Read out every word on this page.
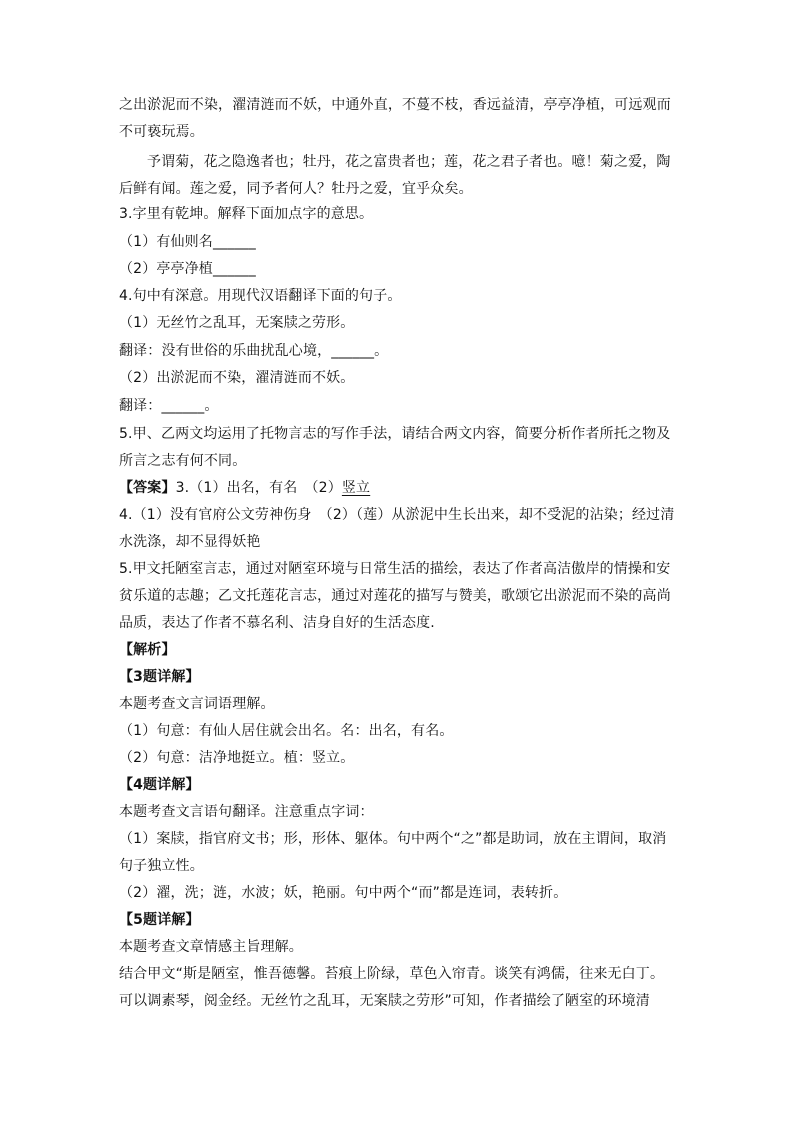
之出淤泥而不染，濯清涟而不妖，中通外直，不蔓不枝，香远益清，亭亭净植，可远观而
不可亵玩焉。
予谓菊，花之隐逸者也；牡丹，花之富贵者也；莲，花之君子者也。噫！菊之爱，陶
后鲜有闻。莲之爱，同予者何人？牡丹之爱，宜乎众矣。
3.字里有乾坤。解释下面加点字的意思。
（1）有仙则名______
（2）亭亭净植______
4.句中有深意。用现代汉语翻译下面的句子。
（1）无丝竹之乱耳，无案牍之劳形。
翻译：没有世俗的乐曲扰乱心境，______。
（2）出淤泥而不染，濯清涟而不妖。
翻译：______。
5.甲、乙两文均运用了托物言志的写作手法，请结合两文内容，简要分析作者所托之物及
所言之志有何不同。
【答案】3.（1）出名，有名　（2）竖立
4.（1）没有官府公文劳神伤身　（2）（莲）从淤泥中生长出来，却不受泥的沾染；经过清
水洗涤，却不显得妖艳
5.甲文托陋室言志，通过对陋室环境与日常生活的描绘，表达了作者高洁傲岸的情操和安
贫乐道的志趣；乙文托莲花言志，通过对莲花的描写与赞美，歌颂它出淤泥而不染的高尚
品质，表达了作者不慕名利、洁身自好的生活态度.
【解析】
【3题详解】
本题考查文言词语理解。
（1）句意：有仙人居住就会出名。名：出名，有名。
（2）句意：洁净地挺立。植：竖立。
【4题详解】
本题考查文言语句翻译。注意重点字词：
（1）案牍，指官府文书；形，形体、躯体。句中两个“之”都是助词，放在主谓间，取消
句子独立性。
（2）濯，洗；涟，水波；妖，艳丽。句中两个“而”都是连词，表转折。
【5题详解】
本题考查文章情感主旨理解。
结合甲文“斯是陋室，惟吾德馨。苔痕上阶绿，草色入帘青。谈笑有鸿儒，往来无白丁。
可以调素琴，阅金经。无丝竹之乱耳，无案牍之劳形”可知，作者描绘了陋室的环境清
